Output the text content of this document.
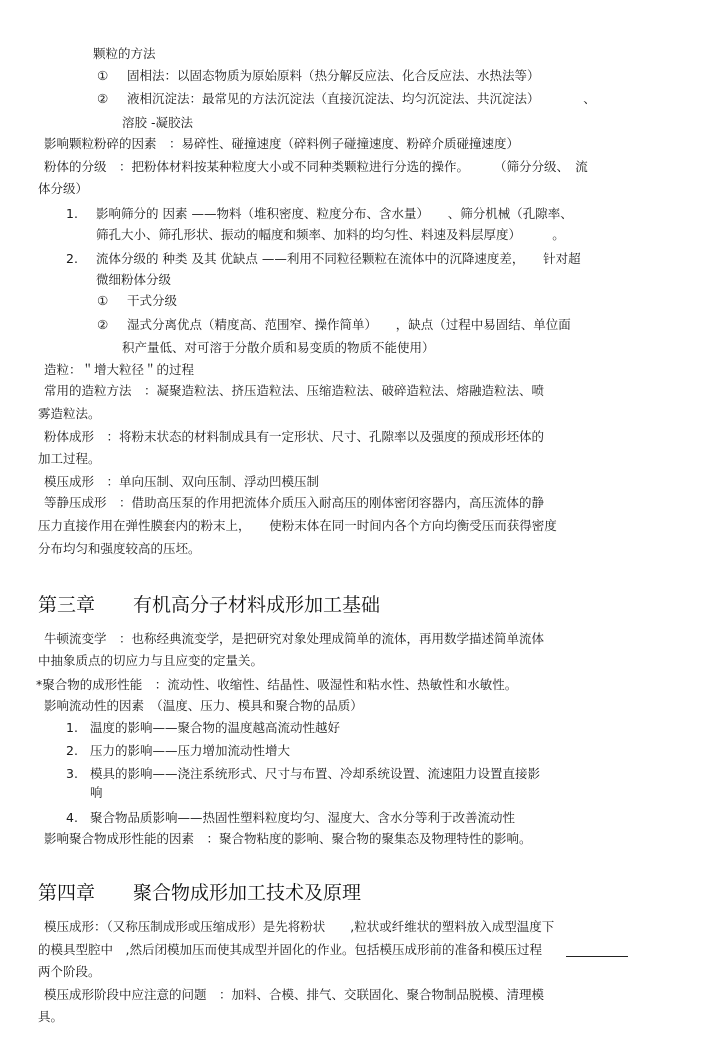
颗粒的方法
① 固相法：以固态物质为原始原料（热分解反应法、化合反应法、水热法等）
② 液相沉淀法：最常见的方法沉淀法（直接沉淀法、均匀沉淀法、共沉淀法）　　　　、
溶胶 -凝胶法
影响颗粒粉碎的因素　：易碎性、碰撞速度（碎料例子碰撞速度、粉碎介质碰撞速度）
粉体的分级　：把粉体材料按某种粒度大小或不同种类颗粒进行分选的操作。　　　（筛分分级、　流
体分级）
1. 影响筛分的 因素 ——物料（堆积密度、粒度分布、含水量）　　、筛分机械（孔隙率、
筛孔大小、筛孔形状、振动的幅度和频率、加料的均匀性、料速及料层厚度）　　　。
2. 流体分级的 种类 及其 优缺点 ——利用不同粒径颗粒在流体中的沉降速度差，　　针对超
微细粉体分级
① 干式分级
② 湿式分离优点（精度高、范围窄、操作简单）　　，缺点（过程中易固结、单位面
积产量低、对可溶于分散介质和易变质的物质不能使用）
造粒：＂增大粒径＂的过程
常用的造粒方法　：凝聚造粒法、挤压造粒法、压缩造粒法、破碎造粒法、熔融造粒法、喷
雾造粒法。
粉体成形　：将粉末状态的材料制成具有一定形状、尺寸、孔隙率以及强度的预成形坯体的
加工过程。
模压成形　：单向压制、双向压制、浮动凹模压制
等静压成形　：借助高压泵的作用把流体介质压入耐高压的刚体密闭容器内，高压流体的静
压力直接作用在弹性膜套内的粉末上，　　使粉末体在同一时间内各个方向均衡受压而获得密度
分布均匀和强度较高的压坯。
第三章　　有机高分子材料成形加工基础
牛顿流变学　：也称经典流变学，是把研究对象处理成简单的流体，再用数学描述简单流体
中抽象质点的切应力与且应变的定量关。
*聚合物的成形性能　：流动性、收缩性、结晶性、吸湿性和粘水性、热敏性和水敏性。
影响流动性的因素　（温度、压力、模具和聚合物的品质）
1. 温度的影响——聚合物的温度越高流动性越好
2. 压力的影响——压力增加流动性增大
3. 模具的影响——浇注系统形式、尺寸与布置、冷却系统设置、流速阻力设置直接影
响
4. 聚合物品质影响——热固性塑料粒度均匀、湿度大、含水分等利于改善流动性
影响聚合物成形性能的因素　：聚合物粘度的影响、聚合物的聚集态及物理特性的影响。
第四章　　聚合物成形加工技术及原理
模压成形：（又称压制成形或压缩成形）是先将粉状　　,粒状或纤维状的塑料放入成型温度下
的模具型腔中　,然后闭模加压而使其成型并固化的作业。包括模压成形前的准备和模压过程
两个阶段。
模压成形阶段中应注意的问题　：加料、合模、排气、交联固化、聚合物制品脱模、清理模
具。
